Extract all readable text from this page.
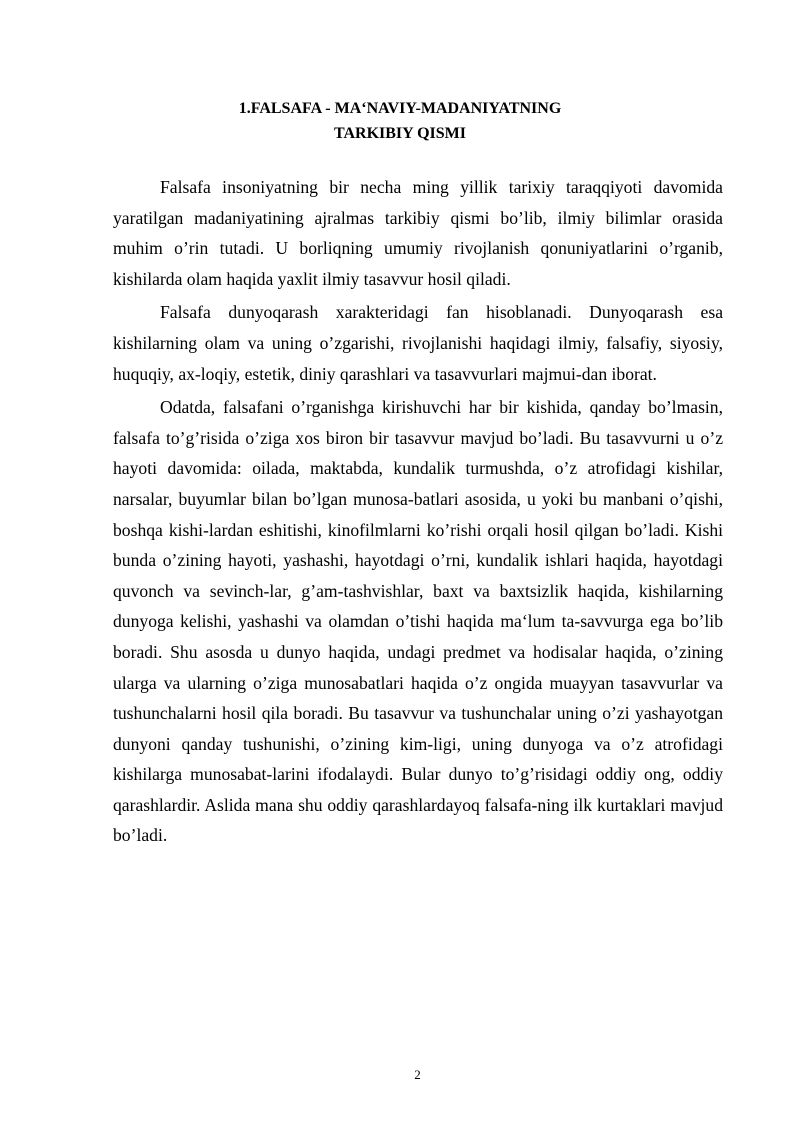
1.FALSAFA - MAʻNAVIY-MADANIYATNING
TARKIBIY QISMI

Falsafa insoniyatning bir necha ming yillik tarixiy taraqqiyoti davomida yaratilgan madaniyatining ajralmas tarkibiy qismi bo’lib, ilmiy bilimlar orasida muhim o’rin tutadi. U borliqning umumiy rivojlanish qonuniyatlarini o’rganib, kishilarda olam haqida yaxlit ilmiy tasavvur hosil qiladi.

Falsafa dunyoqarash xarakteridagi fan hisoblanadi. Dunyoqarash esa kishilarning olam va uning o’zgarishi, rivojlanishi haqidagi ilmiy, falsafiy, siyosiy, huquqiy, ax-loqiy, estetik, diniy qarashlari va tasavvurlari majmui-dan iborat.

Odatda, falsafani o’rganishga kirishuvchi har bir kishida, qanday bo’lmasin, falsafa to’g’risida o’ziga xos biron bir tasavvur mavjud bo’ladi. Bu tasavvurni u o’z hayoti davomida: oilada, maktabda, kundalik turmushda, o’z atrofidagi kishilar, narsalar, buyumlar bilan bo’lgan munosa-batlari asosida, u yoki bu manbani o’qishi, boshqa kishi-lardan eshitishi, kinofilmlarni ko’rishi orqali hosil qilgan bo’ladi. Kishi bunda o’zining hayoti, yashashi, hayotdagi o’rni, kundalik ishlari haqida, hayotdagi quvonch va sevinch-lar, g’am-tashvishlar, baxt va baxtsizlik haqida, kishilarning dunyoga kelishi, yashashi va olamdan o’tishi haqida maʻlum ta-savvurga ega bo’lib boradi. Shu asosda u dunyo haqida, undagi predmet va hodisalar haqida, o’zining ularga va ularning o’ziga munosabatlari haqida o’z ongida muayyan tasavvurlar va tushunchalarni hosil qila boradi. Bu tasavvur va tushunchalar uning o’zi yashayotgan dunyoni qanday tushunishi, o’zining kim-ligi, uning dunyoga va o’z atrofidagi kishilarga munosabat-larini ifodalaydi. Bular dunyo to’g’risidagi oddiy ong, oddiy qarashlardir. Aslida mana shu oddiy qarashlardayoq falsafa-ning ilk kurtaklari mavjud bo’ladi.

2
